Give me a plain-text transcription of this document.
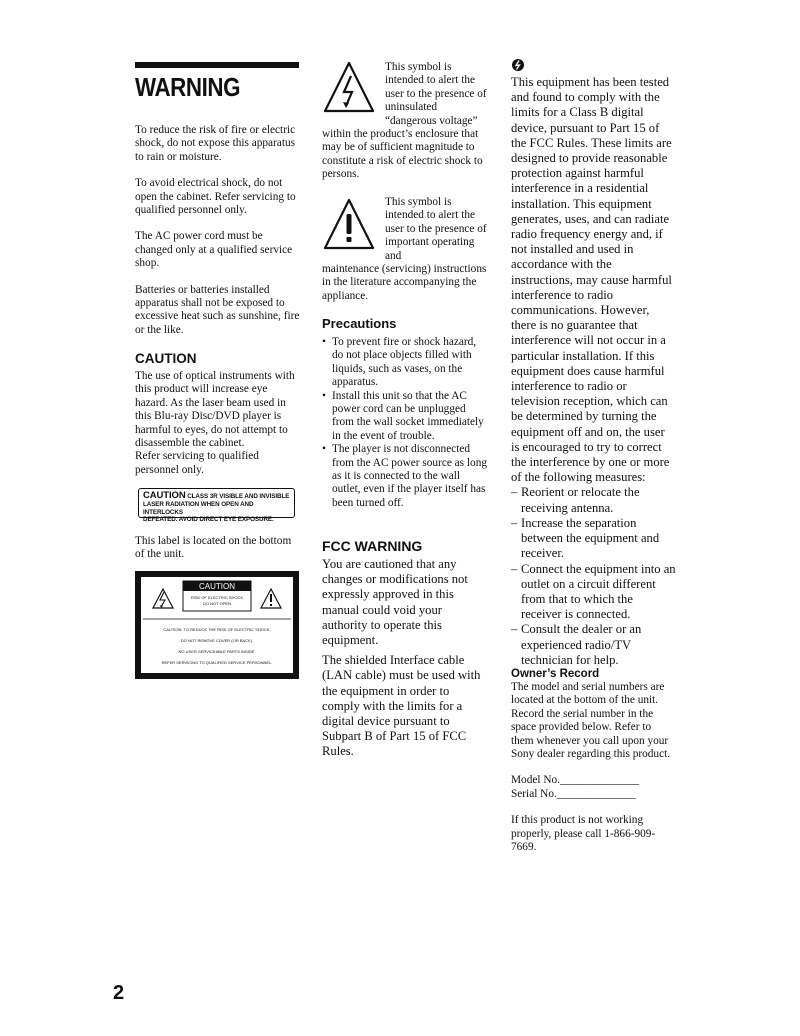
WARNING

To reduce the risk of fire or electric shock, do not expose this apparatus to rain or moisture.

To avoid electrical shock, do not open the cabinet. Refer servicing to qualified personnel only.

The AC power cord must be changed only at a qualified service shop.

Batteries or batteries installed apparatus shall not be exposed to excessive heat such as sunshine, fire or the like.

CAUTION

The use of optical instruments with this product will increase eye hazard. As the laser beam used in this Blu-ray Disc/DVD player is harmful to eyes, do not attempt to disassemble the cabinet.

Refer servicing to qualified personnel only.

CAUTION CLASS 3R VISIBLE AND INVISIBLE
LASER RADIATION WHEN OPEN AND INTERLOCKS
DEFEATED. AVOID DIRECT EYE EXPOSURE.

This label is located on the bottom of the unit.

CAUTION
RISK OF ELECTRIC SHOCK
DO NOT OPEN
CAUTION: TO REDUCE THE RISK OF ELECTRIC SHOCK,
DO NOT REMOVE COVER (OR BACK).
NO USER-SERVICEABLE PARTS INSIDE.
REFER SERVICING TO QUALIFIED SERVICE PERSONNEL.

This symbol is intended to alert the user to the presence of uninsulated “dangerous voltage”

within the product’s enclosure that may be of sufficient magnitude to constitute a risk of electric shock to persons.

This symbol is intended to alert the user to the presence of important operating and

maintenance (servicing) instructions in the literature accompanying the appliance.

Precautions
• To prevent fire or shock hazard, do not place objects filled with liquids, such as vases, on the apparatus.
• Install this unit so that the AC power cord can be unplugged from the wall socket immediately in the event of trouble.
• The player is not disconnected from the AC power source as long as it is connected to the wall outlet, even if the player itself has been turned off.
FCC WARNING

You are cautioned that any changes or modifications not expressly approved in this manual could void your authority to operate this equipment.

The shielded Interface cable (LAN cable) must be used with the equipment in order to comply with the limits for a digital device pursuant to Subpart B of Part 15 of FCC Rules.

This equipment has been tested and found to comply with the limits for a Class B digital device, pursuant to Part 15 of the FCC Rules. These limits are designed to provide reasonable protection against harmful interference in a residential installation. This equipment generates, uses, and can radiate radio frequency energy and, if not installed and used in accordance with the instructions, may cause harmful interference to radio communications. However, there is no guarantee that interference will not occur in a particular installation. If this equipment does cause harmful interference to radio or television reception, which can be determined by turning the equipment off and on, the user is encouraged to try to correct the interference by one or more of the following measures:

– Reorient or relocate the receiving antenna.
– Increase the separation between the equipment and receiver.
– Connect the equipment into an outlet on a circuit different from that to which the receiver is connected.
– Consult the dealer or an experienced radio/TV technician for help.
Owner’s Record

The model and serial numbers are located at the bottom of the unit. Record the serial number in the space provided below. Refer to them whenever you call upon your Sony dealer regarding this product.

Model No.______________

Serial No.______________

If this product is not working properly, please call 1-866-909-7669.

2
